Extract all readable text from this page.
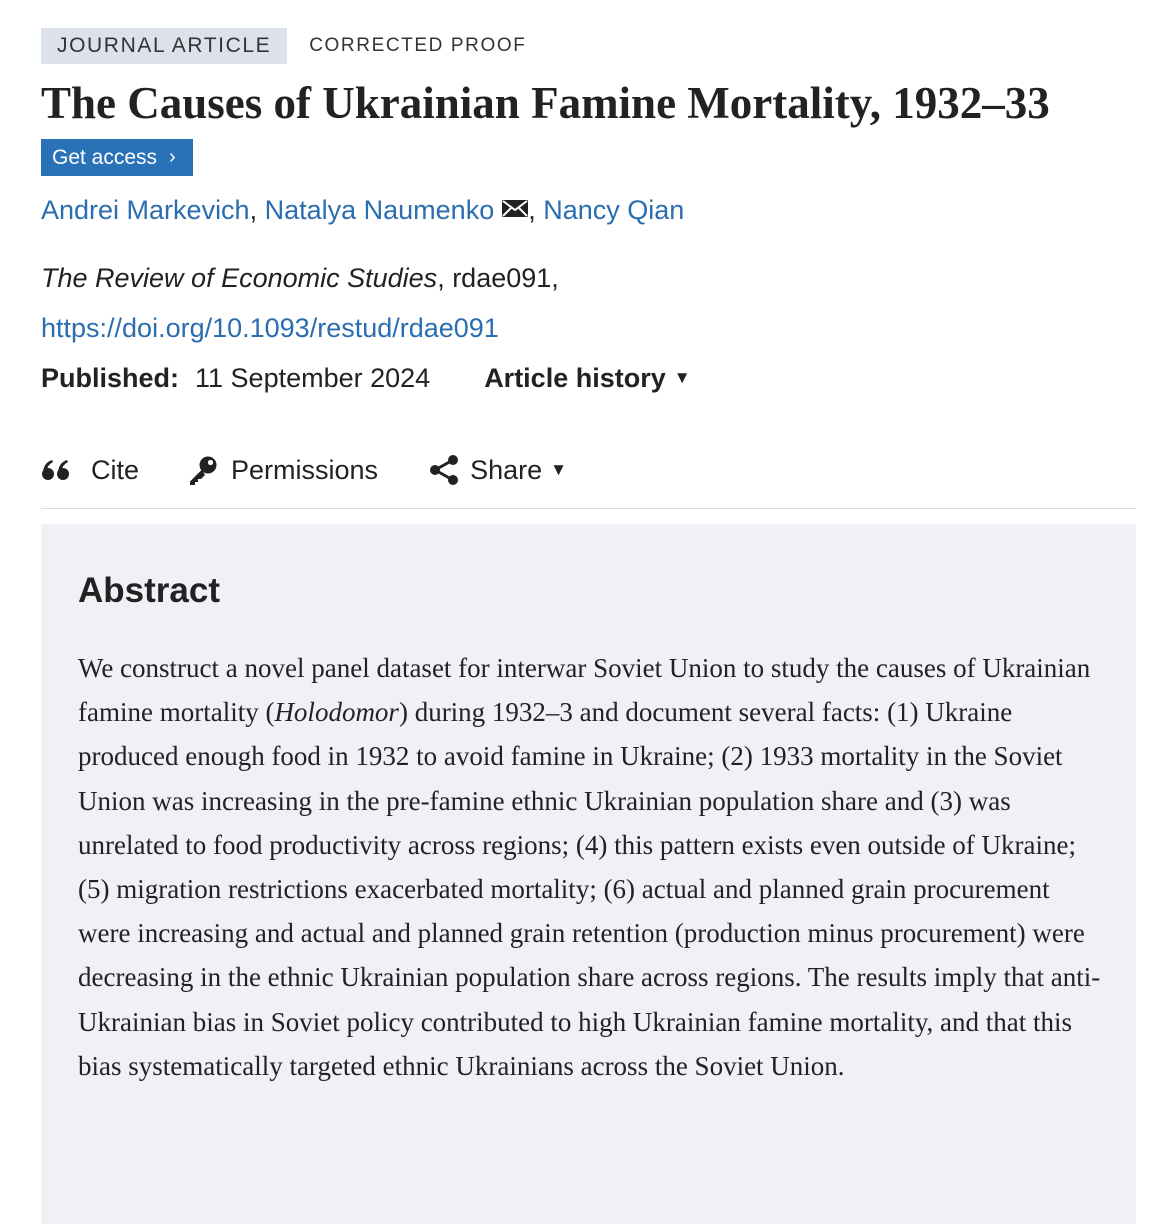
JOURNAL ARTICLE	CORRECTED PROOF
The Causes of Ukrainian Famine Mortality, 1932–33
Get access ›
Andrei Markevich, Natalya Naumenko , Nancy Qian
The Review of Economic Studies, rdae091,
https://doi.org/10.1093/restud/rdae091
Published: 11 September 2024 Article history ▼
Cite	Permissions	Share ▼
Abstract

We construct a novel panel dataset for interwar Soviet Union to study the causes of Ukrainian famine mortality (Holodomor) during 1932–3 and document several facts: (1) Ukraine produced enough food in 1932 to avoid famine in Ukraine; (2) 1933 mortality in the Soviet Union was increasing in the pre-famine ethnic Ukrainian population share and (3) was unrelated to food productivity across regions; (4) this pattern exists even outside of Ukraine; (5) migration restrictions exacerbated mortality; (6) actual and planned grain procurement were increasing and actual and planned grain retention (production minus procurement) were decreasing in the ethnic Ukrainian population share across regions. The results imply that anti-Ukrainian bias in Soviet policy contributed to high Ukrainian famine mortality, and that this bias systematically targeted ethnic Ukrainians across the Soviet Union.
